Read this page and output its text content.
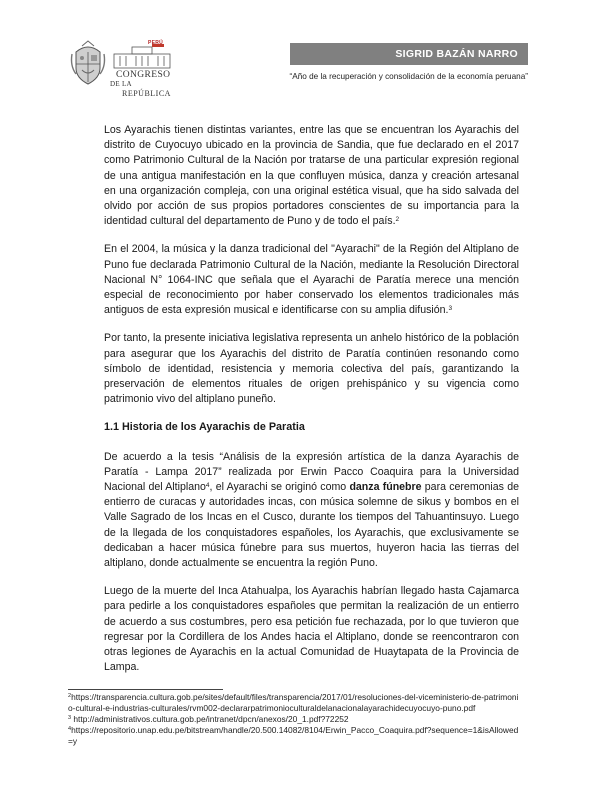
PERÚ
CONGRESO
DE LA
REPÚBLICA
SIGRID BAZÁN NARRO
“Año de la recuperación y consolidación de la economía peruana”

Los Ayarachis tienen distintas variantes, entre las que se encuentran los Ayarachis del distrito de Cuyocuyo ubicado en la provincia de Sandia, que fue declarado en el 2017 como Patrimonio Cultural de la Nación por tratarse de una particular expresión regional de una antigua manifestación en la que confluyen música, danza y creación artesanal en una organización compleja, con una original estética visual, que ha sido salvada del olvido por acción de sus propios portadores conscientes de su importancia para la identidad cultural del departamento de Puno y de todo el país.$^2$

En el 2004, la música y la danza tradicional del "Ayarachi" de la Región del Altiplano de Puno fue declarada Patrimonio Cultural de la Nación, mediante la Resolución Directoral Nacional N° 1064-INC que señala que el Ayarachi de Paratía merece una mención especial de reconocimiento por haber conservado los elementos tradicionales más antiguos de esta expresión musical e identificarse con su amplia difusión.$^3$

Por tanto, la presente iniciativa legislativa representa un anhelo histórico de la población para asegurar que los Ayarachis del distrito de Paratía continúen resonando como símbolo de identidad, resistencia y memoria colectiva del país, garantizando la preservación de elementos rituales de origen prehispánico y su vigencia como patrimonio vivo del altiplano puneño.

1.1 Historia de los Ayarachis de Paratia

De acuerdo a la tesis “Análisis de la expresión artística de la danza Ayarachis de Paratía - Lampa 2017” realizada por Erwin Pacco Coaquira para la Universidad Nacional del Altiplano$^4$, el Ayarachi se originó como danza fúnebre para ceremonias de entierro de curacas y autoridades incas, con música solemne de sikus y bombos en el Valle Sagrado de los Incas en el Cusco, durante los tiempos del Tahuantinsuyo. Luego de la llegada de los conquistadores españoles, los Ayarachis, que exclusivamente se dedicaban a hacer música fúnebre para sus muertos, huyeron hacia las tierras del altiplano, donde actualmente se encuentra la región Puno.

Luego de la muerte del Inca Atahualpa, los Ayarachis habrían llegado hasta Cajamarca para pedirle a los conquistadores españoles que permitan la realización de un entierro de acuerdo a sus costumbres, pero esa petición fue rechazada, por lo que tuvieron que regresar por la Cordillera de los Andes hacia el Altiplano, donde se reencontraron con otras legiones de Ayarachis en la actual Comunidad de Huaytapata de la Provincia de Lampa.

$^2$https://transparencia.cultura.gob.pe/sites/default/files/transparencia/2017/01/resoluciones-del-viceministerio-de-patrimonio-cultural-e-industrias-culturales/rvm002-declararpatrimonioculturaldelanacionalayarachidecuyocuyo-puno.pdf
$^3$ http://administrativos.cultura.gob.pe/intranet/dpcn/anexos/20_1.pdf?72252
$^4$https://repositorio.unap.edu.pe/bitstream/handle/20.500.14082/8104/Erwin_Pacco_Coaquira.pdf?sequence=1&isAllowed=y
